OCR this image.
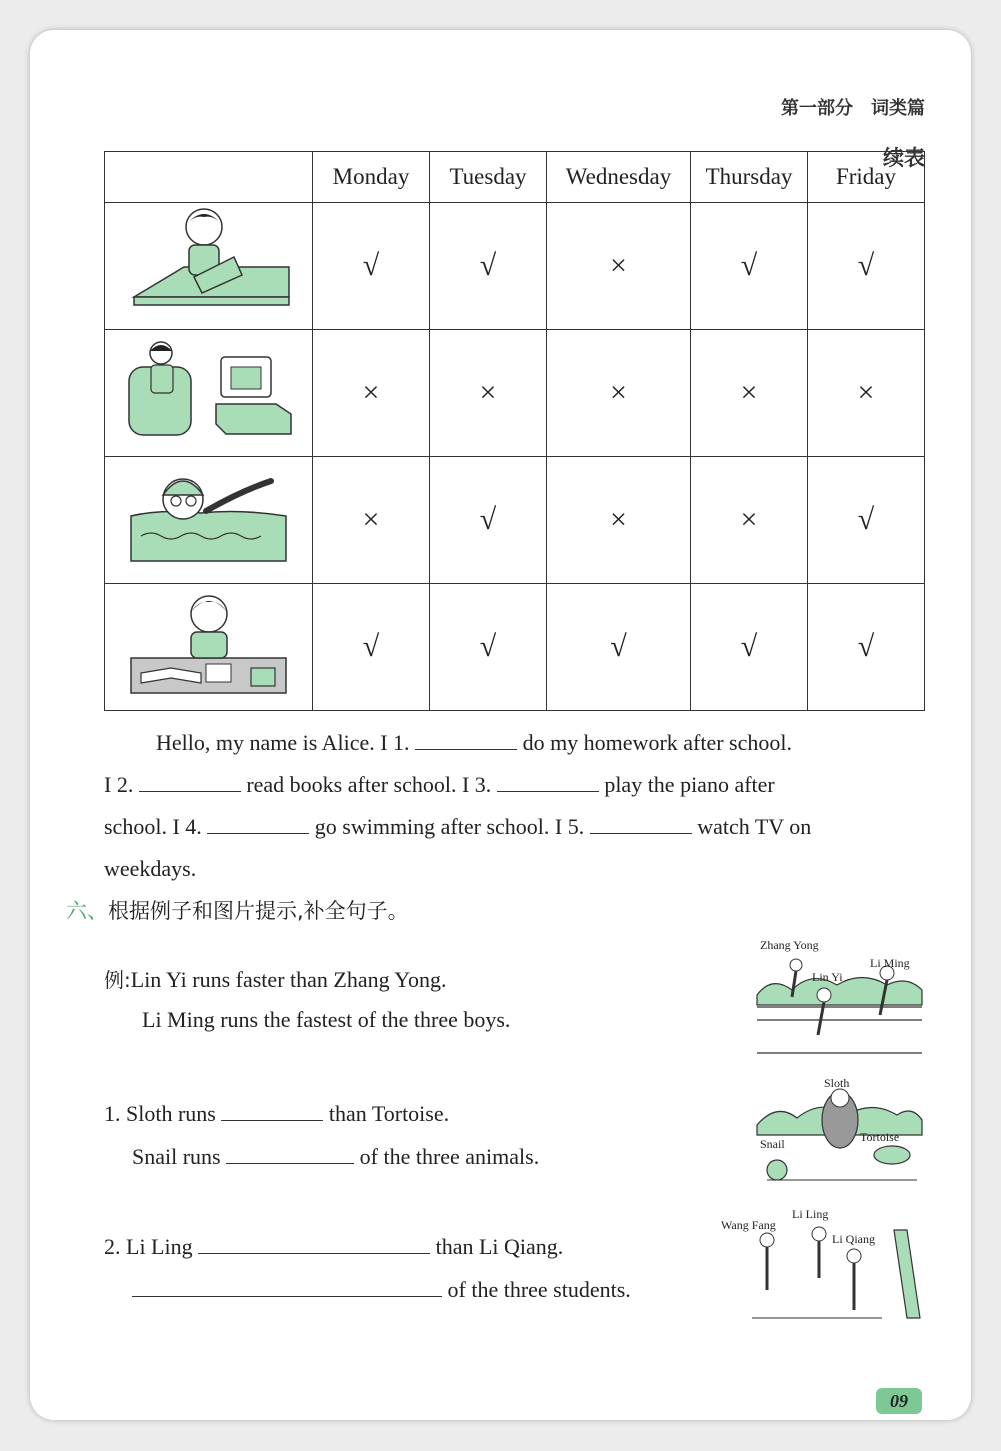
第一部分 词类篇
续表
	Monday	Tuesday	Wednesday	Thursday	Friday
	√	√	×	√	√
	×	×	×	×	×
	×	√	×	×	√
	√	√	√	√	√
Hello, my name is Alice. I 1.	do my homework after school.
I 2.	read books after school. I 3.	play the piano after
school. I 4.	go swimming after school. I 5.	watch TV on
weekdays.
六、根据例子和图片提示,补全句子。
例:Lin Yi runs faster than Zhang Yong.
Li Ming runs the fastest of the three boys.
Zhang Yong
Lin Yi
Li Ming
1. Sloth runs	than Tortoise.
Snail runs	of the three animals.
Sloth
Snail	Tortoise
2. Li Ling	than Li Qiang.
of the three students.
Li Ling
Wang Fang
Li Qiang
09
